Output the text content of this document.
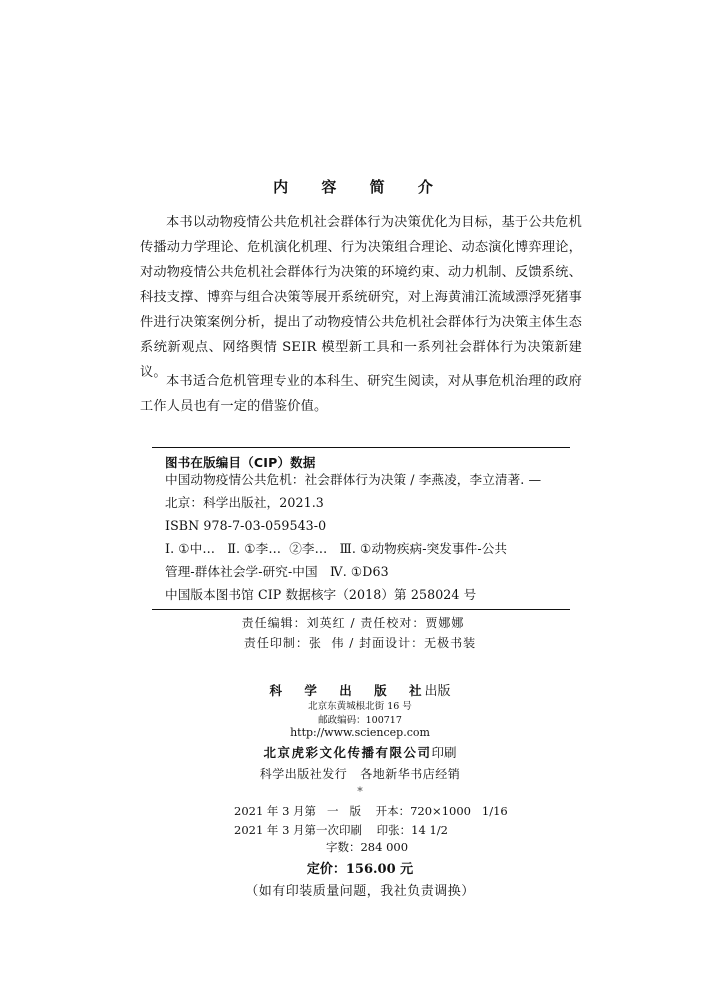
内 容 简 介
本书以动物疫情公共危机社会群体行为决策优化为目标，基于公共危机传播动力学理论、危机演化机理、行为决策组合理论、动态演化博弈理论，对动物疫情公共危机社会群体行为决策的环境约束、动力机制、反馈系统、科技支撑、博弈与组合决策等展开系统研究，对上海黄浦江流域漂浮死猪事件进行决策案例分析，提出了动物疫情公共危机社会群体行为决策主体生态系统新观点、网络舆情 SEIR 模型新工具和一系列社会群体行为决策新建议。
本书适合危机管理专业的本科生、研究生阅读，对从事危机治理的政府工作人员也有一定的借鉴价值。
图书在版编目（CIP）数据
中国动物疫情公共危机：社会群体行为决策 / 李燕凌，李立清著. —
北京：科学出版社，2021.3
ISBN 978-7-03-059543-0
Ⅰ. ①中…   Ⅱ. ①李…  ②李…   Ⅲ. ①动物疾病-突发事件-公共
管理-群体社会学-研究-中国   Ⅳ. ①D63
中国版本图书馆 CIP 数据核字（2018）第 258024 号
责任编辑：刘英红 / 责任校对：贾娜娜
责任印制：张  伟 / 封面设计：无极书装
科 学 出 版 社出版
北京东黄城根北街 16 号
邮政编码：100717
http://www.sciencep.com
北京虎彩文化传播有限公司印刷
科学出版社发行   各地新华书店经销
*
2021 年 3 月第   一   版    开本：720×1000   1/16
2021 年 3 月第一次印刷    印张：14 1/2
字数：284 000
定价：156.00 元
（如有印装质量问题，我社负责调换）
